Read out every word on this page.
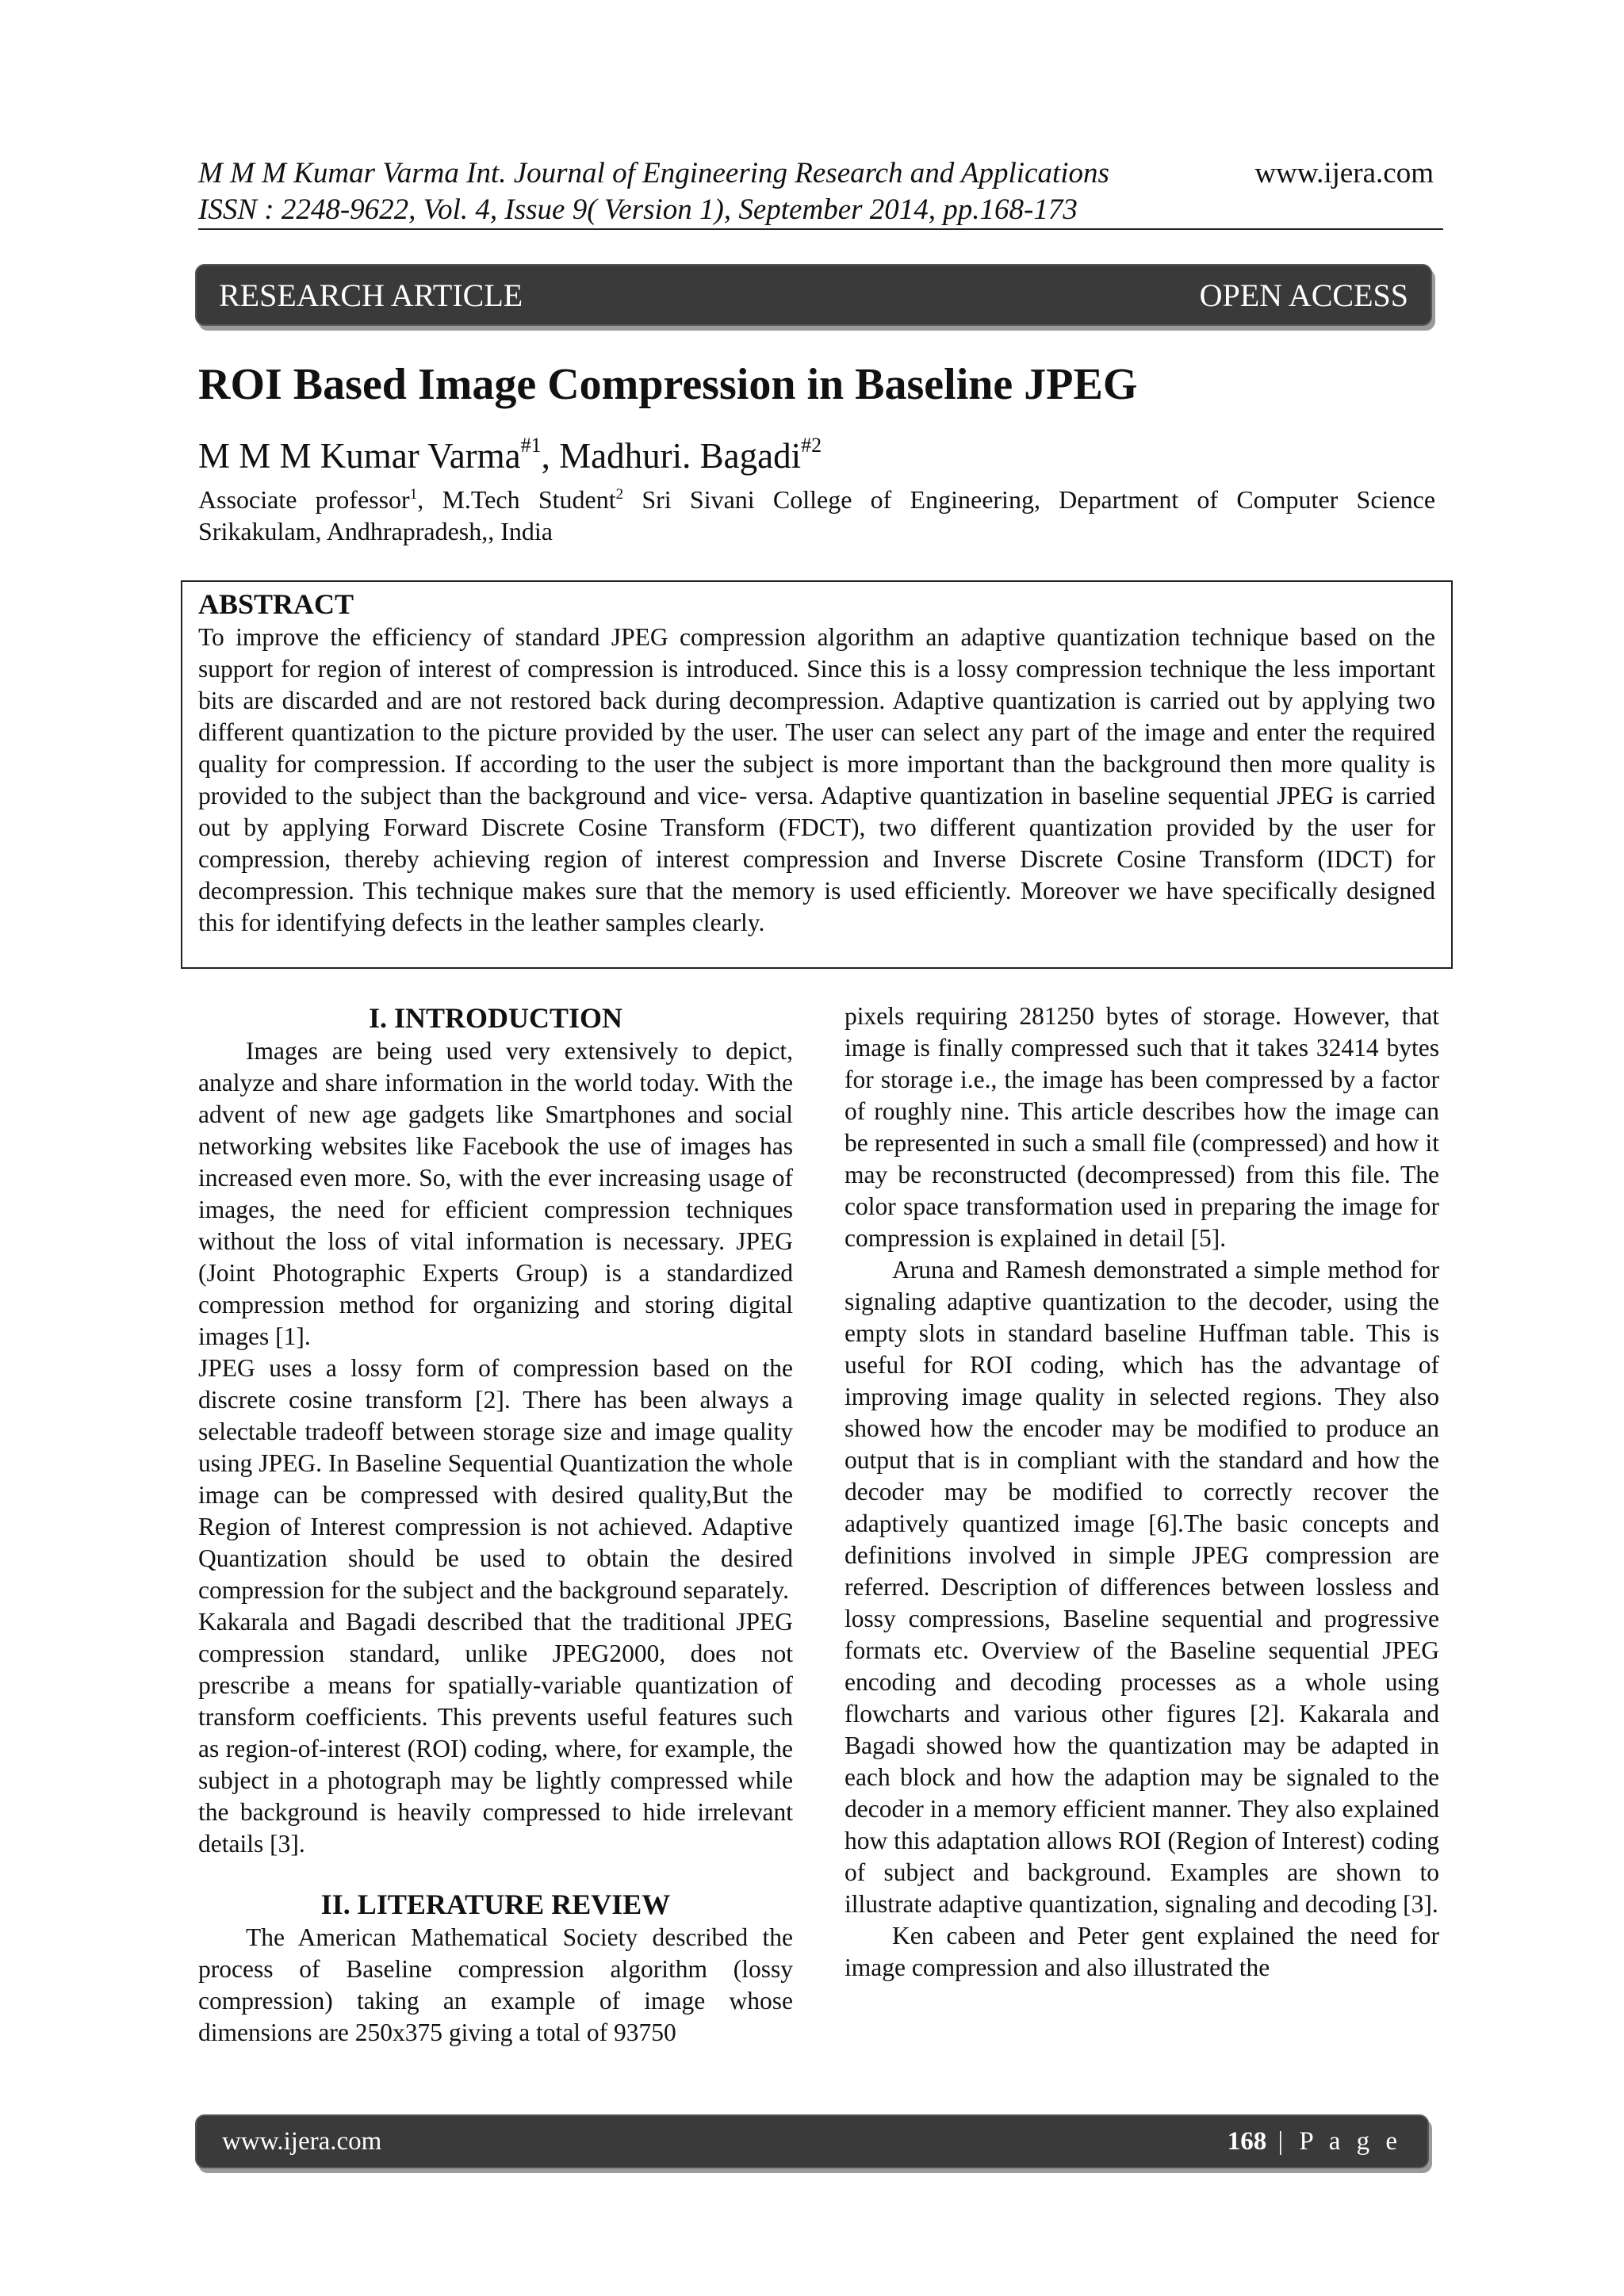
M M M Kumar Varma Int. Journal of Engineering Research and Applications
ISSN : 2248-9622, Vol. 4, Issue 9( Version 1), September 2014, pp.168-173
www.ijera.com
RESEARCH ARTICLE	OPEN ACCESS
ROI Based Image Compression in Baseline JPEG
M M M Kumar Varma$^{\#1}$, Madhuri. Bagadi$^{\#2}$
Associate professor$^1$, M.Tech Student$^2$ Sri Sivani College of Engineering, Department of Computer Science
Srikakulam, Andhrapradesh,, India
ABSTRACT
To improve the efficiency of standard JPEG compression algorithm an adaptive quantization technique based on the support for region of interest of compression is introduced. Since this is a lossy compression technique the less important bits are discarded and are not restored back during decompression. Adaptive quantization is carried out by applying two different quantization to the picture provided by the user. The user can select any part of the image and enter the required quality for compression. If according to the user the subject is more important than the background then more quality is provided to the subject than the background and vice- versa. Adaptive quantization in baseline sequential JPEG is carried out by applying Forward Discrete Cosine Transform (FDCT), two different quantization provided by the user for compression, thereby achieving region of interest compression and Inverse Discrete Cosine Transform (IDCT) for decompression. This technique makes sure that the memory is used efficiently. Moreover we have specifically designed this for identifying defects in the leather samples clearly.

I. INTRODUCTION

Images are being used very extensively to depict, analyze and share information in the world today. With the advent of new age gadgets like Smartphones and social networking websites like Facebook the use of images has increased even more. So, with the ever increasing usage of images, the need for efficient compression techniques without the loss of vital information is necessary. JPEG (Joint Photographic Experts Group) is a standardized compression method for organizing and storing digital images [1].

JPEG uses a lossy form of compression based on the discrete cosine transform [2]. There has been always a selectable tradeoff between storage size and image quality using JPEG. In Baseline Sequential Quantization the whole image can be compressed with desired quality,But the Region of Interest compression is not achieved. Adaptive Quantization should be used to obtain the desired compression for the subject and the background separately.

Kakarala and Bagadi described that the traditional JPEG compression standard, unlike JPEG2000, does not prescribe a means for spatially-variable quantization of transform coefficients. This prevents useful features such as region-of-interest (ROI) coding, where, for example, the subject in a photograph may be lightly compressed while the background is heavily compressed to hide irrelevant details [3].

II. LITERATURE REVIEW

The American Mathematical Society described the process of Baseline compression algorithm (lossy compression) taking an example of image whose dimensions are 250x375 giving a total of 93750

pixels requiring 281250 bytes of storage. However, that image is finally compressed such that it takes 32414 bytes for storage i.e., the image has been compressed by a factor of roughly nine. This article describes how the image can be represented in such a small file (compressed) and how it may be reconstructed (decompressed) from this file. The color space transformation used in preparing the image for compression is explained in detail [5].

Aruna and Ramesh demonstrated a simple method for signaling adaptive quantization to the decoder, using the empty slots in standard baseline Huffman table. This is useful for ROI coding, which has the advantage of improving image quality in selected regions. They also showed how the encoder may be modified to produce an output that is in compliant with the standard and how the decoder may be modified to correctly recover the adaptively quantized image [6].The basic concepts and definitions involved in simple JPEG compression are referred. Description of differences between lossless and lossy compressions, Baseline sequential and progressive formats etc. Overview of the Baseline sequential JPEG encoding and decoding processes as a whole using flowcharts and various other figures [2]. Kakarala and Bagadi showed how the quantization may be adapted in each block and how the adaption may be signaled to the decoder in a memory efficient manner. They also explained how this adaptation allows ROI (Region of Interest) coding of subject and background. Examples are shown to illustrate adaptive quantization, signaling and decoding [3].

Ken cabeen and Peter gent explained the need for image compression and also illustrated the

www.ijera.com	168 | P a g e
